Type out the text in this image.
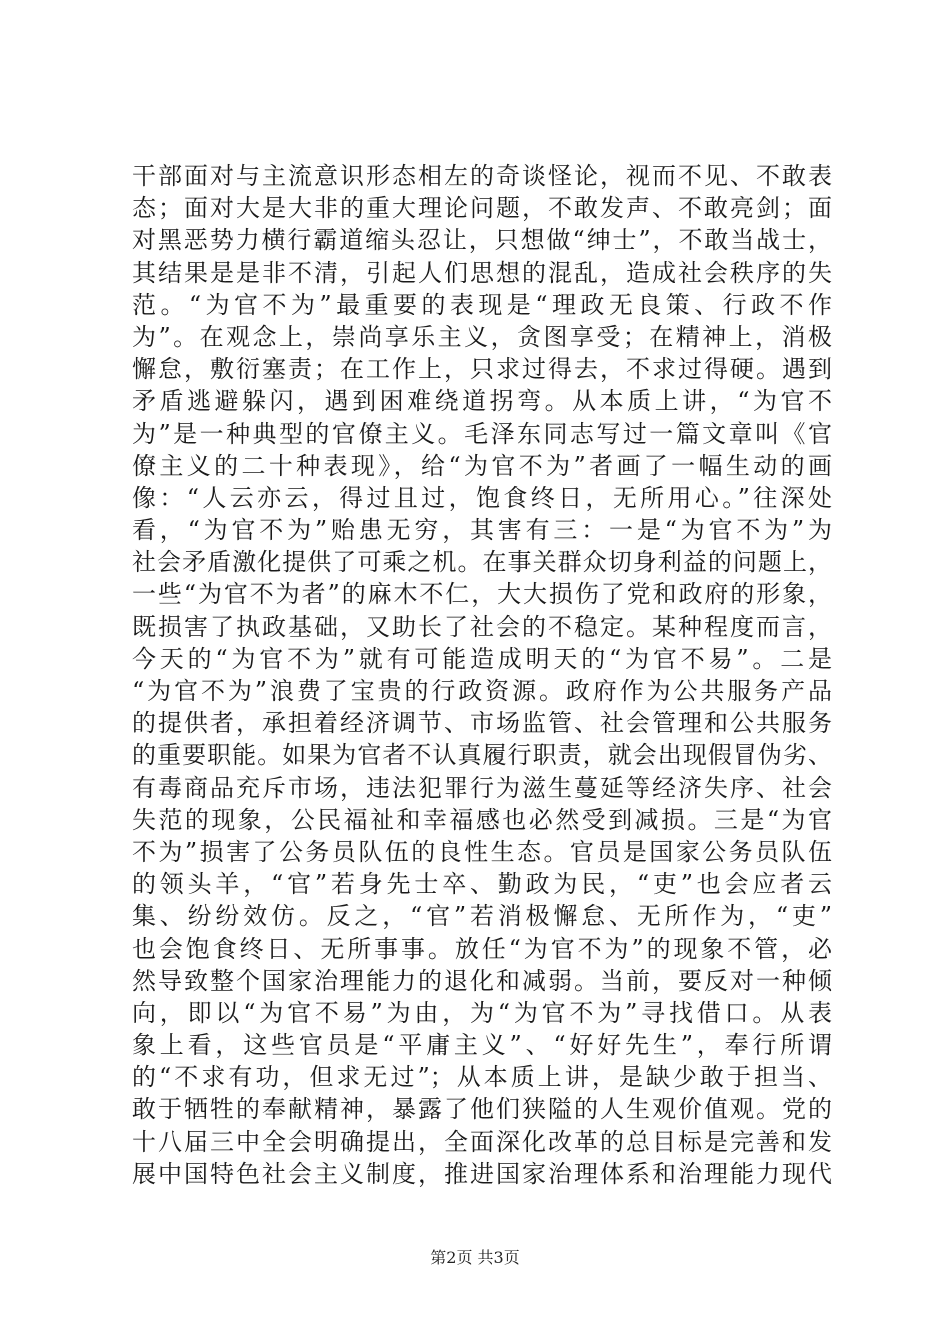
干部面对与主流意识形态相左的奇谈怪论，视而不见、不敢表
态；面对大是大非的重大理论问题，不敢发声、不敢亮剑；面
对黑恶势力横行霸道缩头忍让，只想做“绅士”，不敢当战士，
其结果是是非不清，引起人们思想的混乱，造成社会秩序的失
范。“为官不为”最重要的表现是“理政无良策、行政不作
为”。在观念上，崇尚享乐主义，贪图享受；在精神上，消极
懈怠，敷衍塞责；在工作上，只求过得去，不求过得硬。遇到
矛盾逃避躲闪，遇到困难绕道拐弯。从本质上讲，“为官不
为”是一种典型的官僚主义。毛泽东同志写过一篇文章叫《官
僚主义的二十种表现》，给“为官不为”者画了一幅生动的画
像：“人云亦云，得过且过，饱食终日，无所用心。”往深处
看，“为官不为”贻患无穷，其害有三：一是“为官不为”为
社会矛盾激化提供了可乘之机。在事关群众切身利益的问题上，
一些“为官不为者”的麻木不仁，大大损伤了党和政府的形象，
既损害了执政基础，又助长了社会的不稳定。某种程度而言，
今天的“为官不为”就有可能造成明天的“为官不易”。二是
“为官不为”浪费了宝贵的行政资源。政府作为公共服务产品
的提供者，承担着经济调节、市场监管、社会管理和公共服务
的重要职能。如果为官者不认真履行职责，就会出现假冒伪劣、
有毒商品充斥市场，违法犯罪行为滋生蔓延等经济失序、社会
失范的现象，公民福祉和幸福感也必然受到减损。三是“为官
不为”损害了公务员队伍的良性生态。官员是国家公务员队伍
的领头羊，“官”若身先士卒、勤政为民，“吏”也会应者云
集、纷纷效仿。反之，“官”若消极懈怠、无所作为，“吏”
也会饱食终日、无所事事。放任“为官不为”的现象不管，必
然导致整个国家治理能力的退化和减弱。当前，要反对一种倾
向，即以“为官不易”为由，为“为官不为”寻找借口。从表
象上看，这些官员是“平庸主义”、“好好先生”，奉行所谓
的“不求有功，但求无过”；从本质上讲，是缺少敢于担当、
敢于牺牲的奉献精神，暴露了他们狭隘的人生观价值观。党的
十八届三中全会明确提出，全面深化改革的总目标是完善和发
展中国特色社会主义制度，推进国家治理体系和治理能力现代
第2页 共3页
